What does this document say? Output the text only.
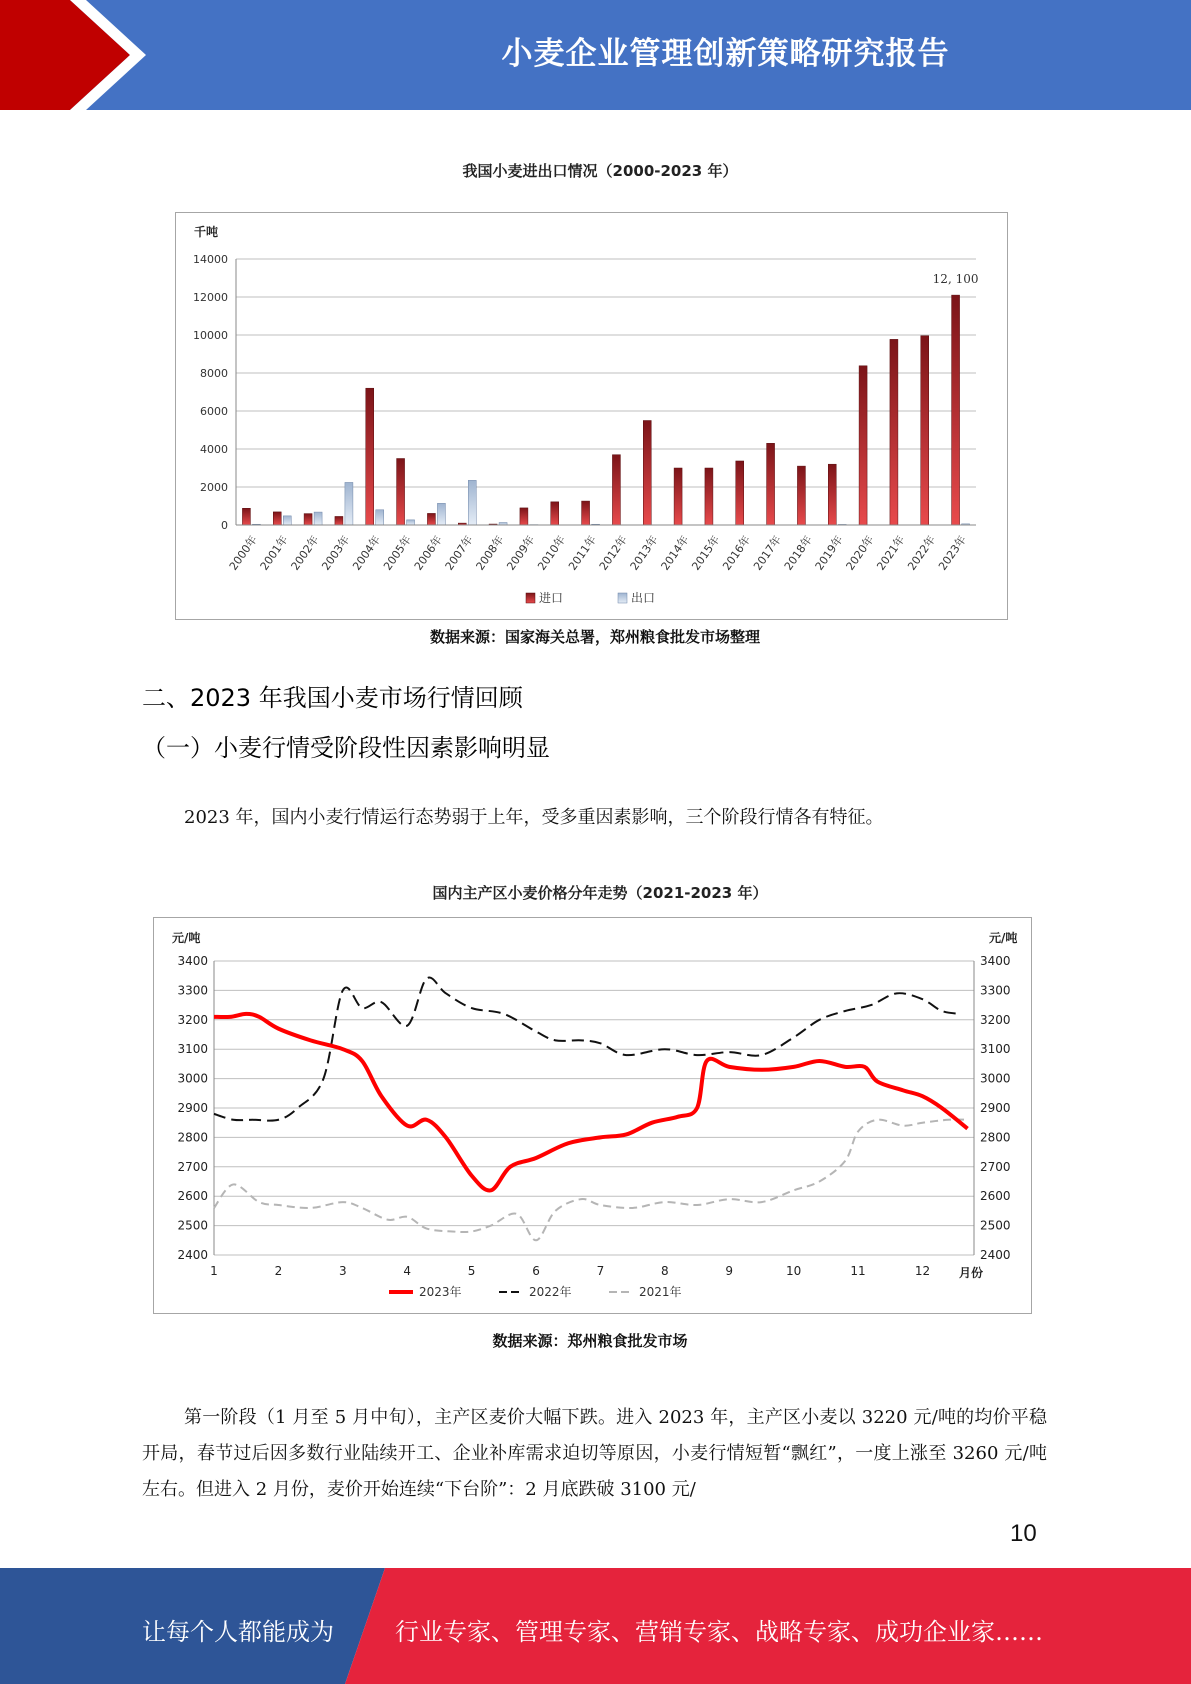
小麦企业管理创新策略研究报告
我国小麦进出口情况（2000-2023 年）
千吨
0
2000
4000
6000
8000
10000
12000
14000
2000年
2001年
2002年
2003年
2004年
2005年
2006年
2007年
2008年
2009年
2010年
2011年
2012年
2013年
2014年
2015年
2016年
2017年
2018年
2019年
2020年
2021年
2022年
2023年
12, 100
进口	出口
数据来源：国家海关总署，郑州粮食批发市场整理
二、2023 年我国小麦市场行情回顾
（一）小麦行情受阶段性因素影响明显
2023 年，国内小麦行情运行态势弱于上年，受多重因素影响，三个阶段行情各有特征。
国内主产区小麦价格分年走势（2021-2023 年）
元/吨	元/吨
2400	2400
2500	2500
2600	2600
2700	2700
2800	2800
2900	2900
3000	3000
3100	3100
3200	3200
3300	3300
3400	3400
1	2	3	4	5	6	7	8	9	10	11	12 月份
2023年	2022年	2021年
数据来源：郑州粮食批发市场
第一阶段（1 月至 5 月中旬），主产区麦价大幅下跌。进入 2023 年，主产区小麦以 3220 元/吨的均价平稳开局，春节过后因多数行业陆续开工、企业补库需求迫切等原因，小麦行情短暂“飘红”，一度上涨至 3260 元/吨左右。但进入 2 月份，麦价开始连续“下台阶”：2 月底跌破 3100 元/
10
让每个人都能成为	行业专家、管理专家、营销专家、战略专家、成功企业家……
